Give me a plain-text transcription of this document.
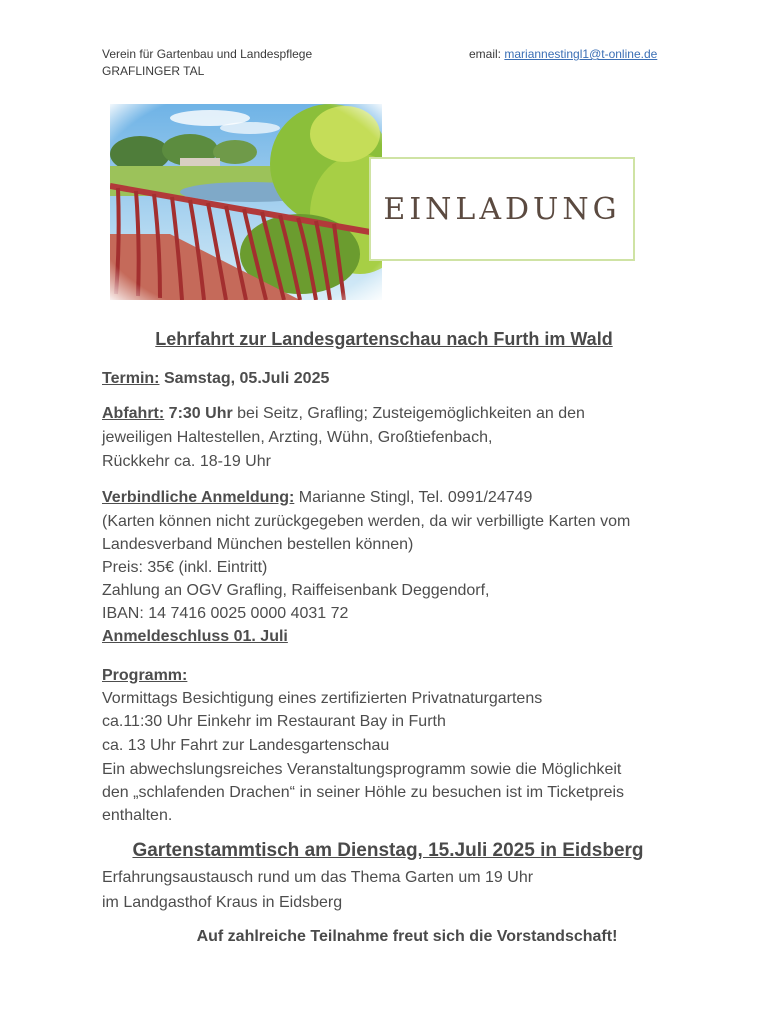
Verein für Gartenbau und Landespflege
GRAFLINGER TAL
email: mariannestingl1@t-online.de
EINLADUNG
Lehrfahrt zur Landesgartenschau nach Furth im Wald
Termin: Samstag, 05.Juli 2025
Abfahrt: 7:30 Uhr bei Seitz, Grafling; Zusteigemöglichkeiten an den
jeweiligen Haltestellen, Arzting, Wühn, Großtiefenbach,
Rückkehr ca. 18-19 Uhr
Verbindliche Anmeldung: Marianne Stingl, Tel. 0991/24749
(Karten können nicht zurückgegeben werden, da wir verbilligte Karten vom
Landesverband München bestellen können)
Preis: 35€ (inkl. Eintritt)
Zahlung an OGV Grafling, Raiffeisenbank Deggendorf,
IBAN: 14 7416 0025 0000 4031 72
Anmeldeschluss 01. Juli
Programm:
Vormittags Besichtigung eines zertifizierten Privatnaturgartens
ca.11:30 Uhr Einkehr im Restaurant Bay in Furth
ca. 13 Uhr Fahrt zur Landesgartenschau
Ein abwechslungsreiches Veranstaltungsprogramm sowie die Möglichkeit
den „schlafenden Drachen“ in seiner Höhle zu besuchen ist im Ticketpreis
enthalten.
Gartenstammtisch am Dienstag, 15.Juli 2025 in Eidsberg
Erfahrungsaustausch rund um das Thema Garten um 19 Uhr
im Landgasthof Kraus in Eidsberg
Auf zahlreiche Teilnahme freut sich die Vorstandschaft!
